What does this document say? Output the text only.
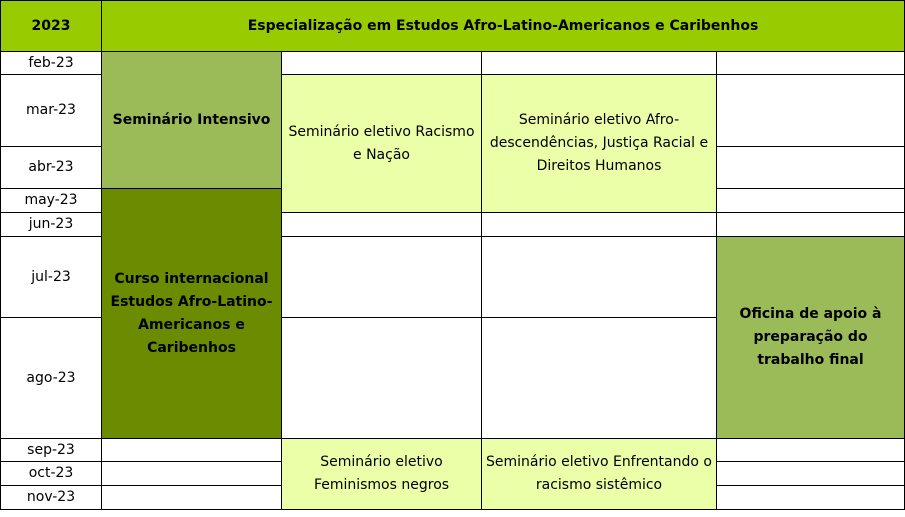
2023	Especialização em Estudos Afro-Latino-Americanos e Caribenhos
feb-23
mar-23
abr-23
may-23
jun-23
jul-23
ago-23
sep-23
oct-23
nov-23
Seminário Intensivo
Curso internacional Estudos Afro-Latino-Americanos e Caribenhos
Seminário eletivo Racismo e Nação
Seminário eletivo Feminismos negros
Seminário eletivo Afro-descendências, Justiça Racial e Direitos Humanos
Seminário eletivo Enfrentando o racismo sistêmico
Oficina de apoio à preparação do trabalho final
